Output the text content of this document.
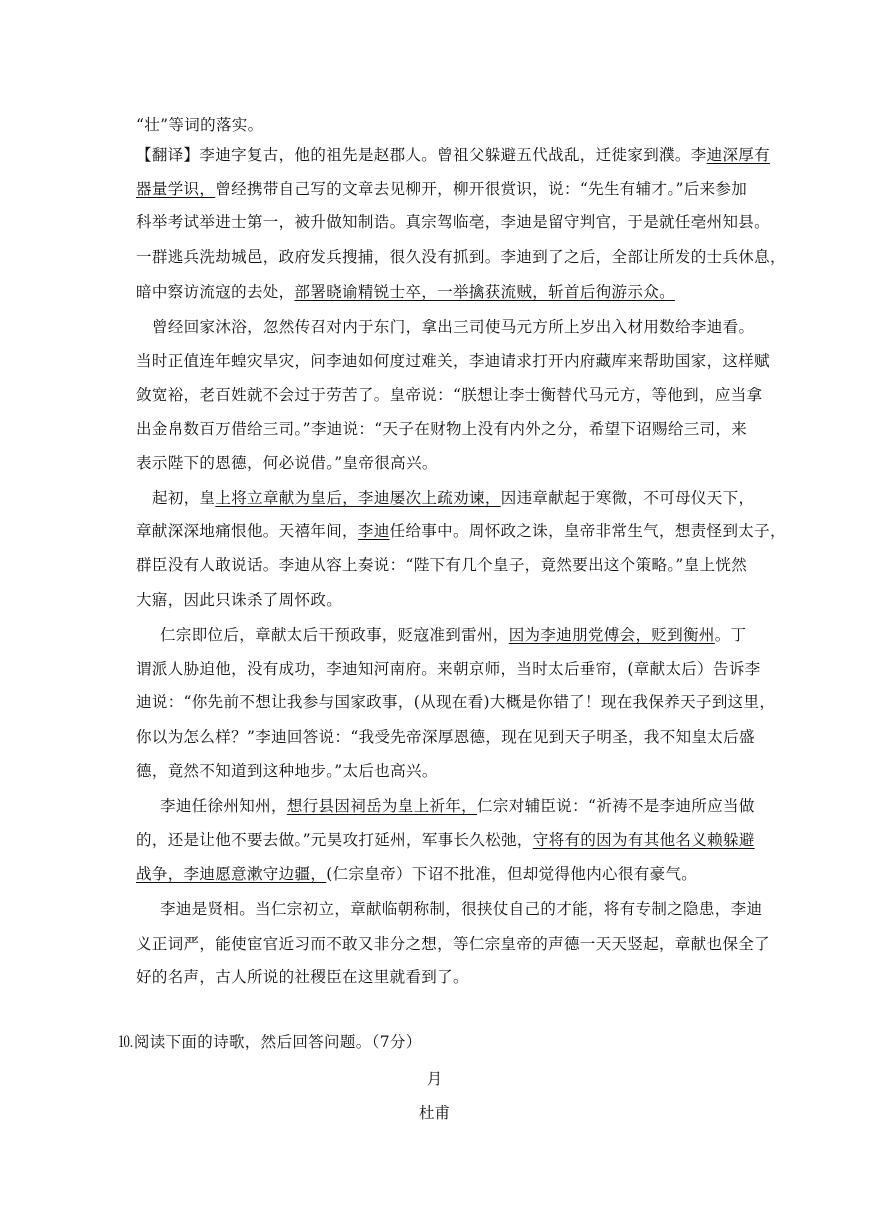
“壮”等词的落实。
【翻译】李迪字复古，他的祖先是赵郡人。曾祖父躲避五代战乱，迁徙家到濮。李迪深厚有
器量学识，曾经携带自己写的文章去见柳开，柳开很赏识，说：“先生有辅才。”后来参加
科举考试举进士第一，被升做知制诰。真宗驾临亳，李迪是留守判官，于是就任亳州知县。
一群逃兵洗劫城邑，政府发兵搜捕，很久没有抓到。李迪到了之后，全部让所发的士兵休息，
暗中察访流寇的去处，部署晓谕精锐士卒，一举擒获流贼，斩首后徇游示众。
曾经回家沐浴，忽然传召对内于东门，拿出三司使马元方所上岁出入材用数给李迪看。
当时正值连年蝗灾旱灾，问李迪如何度过难关，李迪请求打开内府藏库来帮助国家，这样赋
敛宽裕，老百姓就不会过于劳苦了。皇帝说：“朕想让李士衡替代马元方，等他到，应当拿
出金帛数百万借给三司。”李迪说：“天子在财物上没有内外之分，希望下诏赐给三司，来
表示陛下的恩德，何必说借。”皇帝很高兴。
起初，皇上将立章献为皇后，李迪屡次上疏劝谏，因违章献起于寒微，不可母仪天下，
章献深深地痛恨他。天禧年间，李迪任给事中。周怀政之诛，皇帝非常生气，想责怪到太子，
群臣没有人敢说话。李迪从容上奏说：“陛下有几个皇子，竟然要出这个策略。”皇上恍然
大寤，因此只诛杀了周怀政。
仁宗即位后，章献太后干预政事，贬寇准到雷州，因为李迪朋党傅会，贬到衡州。丁
谓派人胁迫他，没有成功，李迪知河南府。来朝京师，当时太后垂帘，(章献太后）告诉李
迪说：“你先前不想让我参与国家政事，(从现在看)大概是你错了！现在我保养天子到这里，
你以为怎么样？”李迪回答说：“我受先帝深厚恩德，现在见到天子明圣，我不知皇太后盛
德，竟然不知道到这种地步。”太后也高兴。
李迪任徐州知州，想行县因祠岳为皇上祈年，仁宗对辅臣说：“祈祷不是李迪所应当做
的，还是让他不要去做。”元昊攻打延州，军事长久松弛，守将有的因为有其他名义赖躲避
战争，李迪愿意漱守边疆，(仁宗皇帝）下诏不批准，但却觉得他内心很有豪气。
李迪是贤相。当仁宗初立，章献临朝称制，很挟仗自己的才能，将有专制之隐患，李迪
义正词严，能使宦官近习而不敢又非分之想，等仁宗皇帝的声德一天天竖起，章献也保全了
好的名声，古人所说的社稷臣在这里就看到了。
⒑阅读下面的诗歌，然后回答问题。（7分）
月
杜甫
